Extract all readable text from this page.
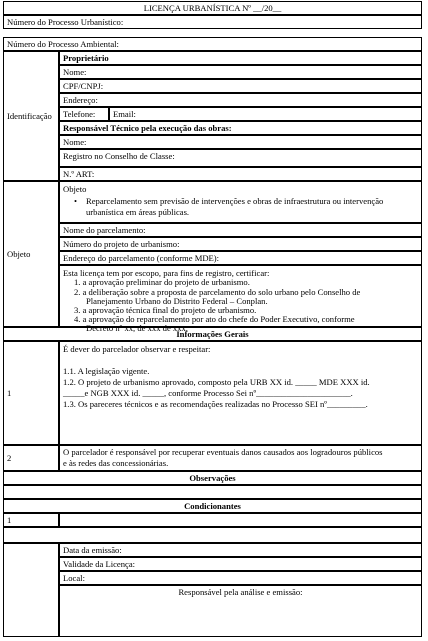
LICENÇA URBANÍSTICA Nº __/20__
Número do Processo Urbanístico:
Número do Processo Ambiental:
Identificação
Proprietário
Nome:
CPF/CNPJ:
Endereço:
Telefone:	Email:
Responsável Técnico pela execução das obras:
Nome:
Registro no Conselho de Classe:
N.º ART:
Objeto
Objeto
• Reparcelamento sem previsão de intervenções e obras de infraestrutura ou intervenção
urbanística em áreas públicas.
Nome do parcelamento:
Número do projeto de urbanismo:
Endereço do parcelamento (conforme MDE):
Esta licença tem por escopo, para fins de registro, certificar:
1. a aprovação preliminar do projeto de urbanismo.
2. a deliberação sobre a proposta de parcelamento do solo urbano pelo Conselho de
Planejamento Urbano do Distrito Federal – Conplan.
3. a aprovação técnica final do projeto de urbanismo.
4. a aprovação do reparcelamento por ato do chefe do Poder Executivo, conforme
Decreto nº xx, de xxx de xxx.
Informações Gerais
1
É dever do parcelador observar e respeitar:
1.1. A legislação vigente.
1.2. O projeto de urbanismo aprovado, composto pela URB XX id. _____ MDE XXX id.
_____e NGB XXX id. _____, conforme Processo Sei nº______________________.
1.3. Os pareceres técnicos e as recomendações realizadas no Processo SEI nº_________.
2
O parcelador é responsável por recuperar eventuais danos causados aos logradouros públicos
e às redes das concessionárias.
Observações
Condicionantes
1
Data da emissão:
Validade da Licença:
Local:
Responsável pela análise e emissão:
